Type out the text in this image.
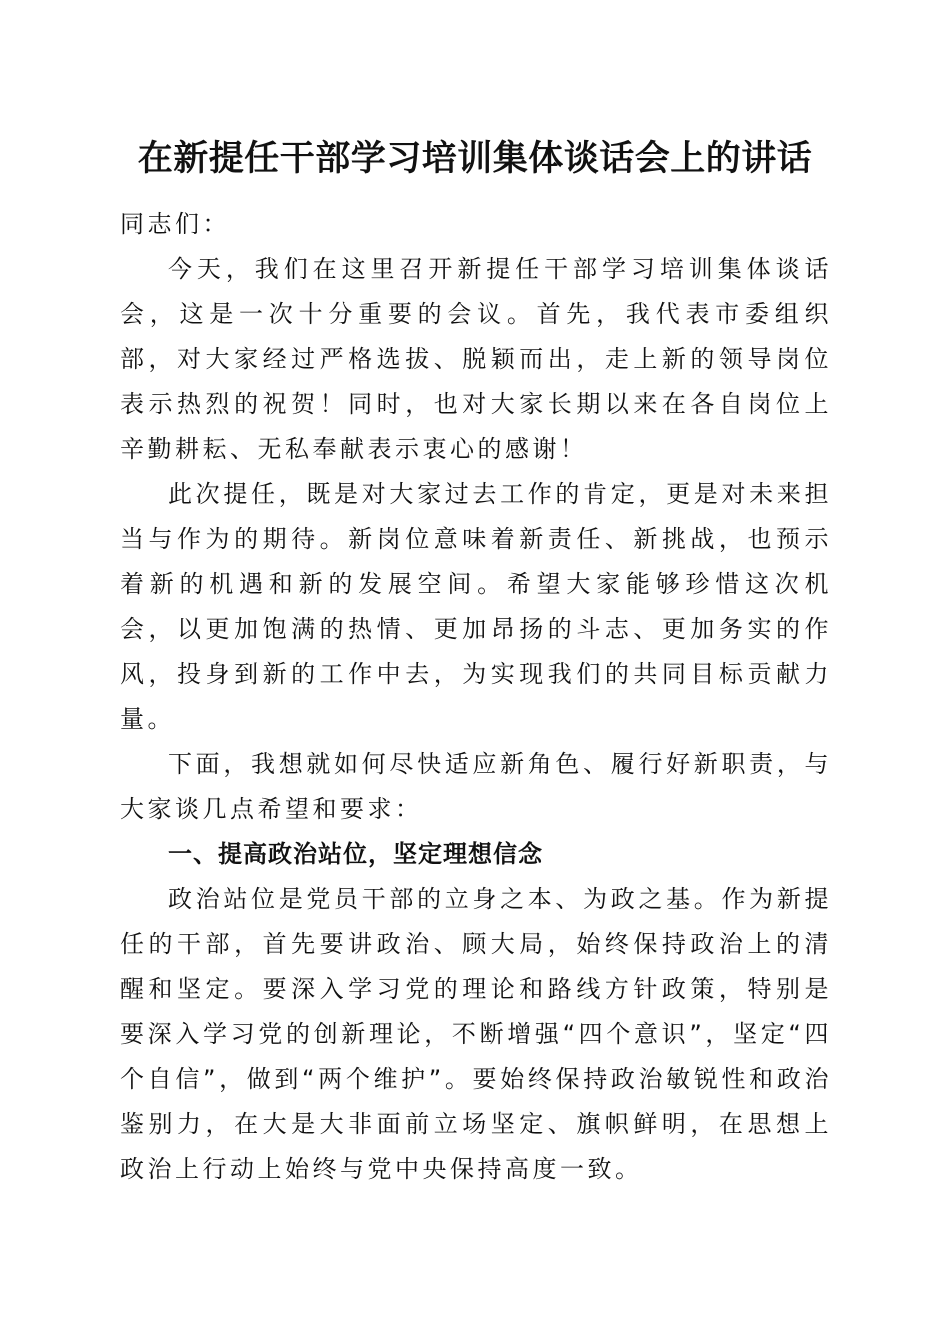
在新提任干部学习培训集体谈话会上的讲话

同志们：

今天，我们在这里召开新提任干部学习培训集体谈话会，这是一次十分重要的会议。首先，我代表市委组织部，对大家经过严格选拔、脱颖而出，走上新的领导岗位表示热烈的祝贺！同时，也对大家长期以来在各自岗位上辛勤耕耘、无私奉献表示衷心的感谢！

此次提任，既是对大家过去工作的肯定，更是对未来担当与作为的期待。新岗位意味着新责任、新挑战，也预示着新的机遇和新的发展空间。希望大家能够珍惜这次机会，以更加饱满的热情、更加昂扬的斗志、更加务实的作风，投身到新的工作中去，为实现我们的共同目标贡献力量。

下面，我想就如何尽快适应新角色、履行好新职责，与大家谈几点希望和要求：

一、提高政治站位，坚定理想信念

政治站位是党员干部的立身之本、为政之基。作为新提任的干部，首先要讲政治、顾大局，始终保持政治上的清醒和坚定。要深入学习党的理论和路线方针政策，特别是要深入学习党的创新理论，不断增强“四个意识”，坚定“四个自信”，做到“两个维护”。要始终保持政治敏锐性和政治鉴别力，在大是大非面前立场坚定、旗帜鲜明，在思想上政治上行动上始终与党中央保持高度一致。
